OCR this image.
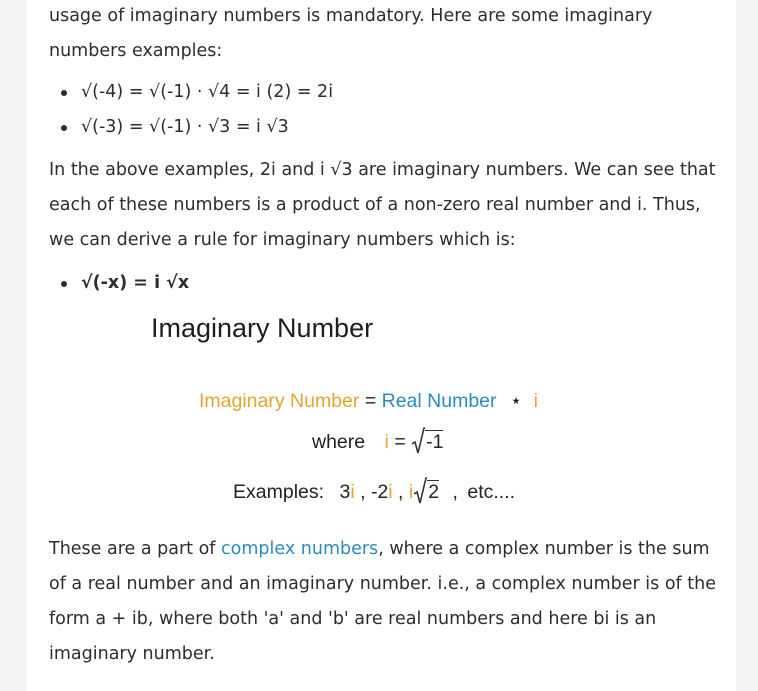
usage of imaginary numbers is mandatory. Here are some imaginary numbers examples:

√(-4) = √(-1) · √4 = i (2) = 2i
√(-3) = √(-1) · √3 = i √3

In the above examples, 2i and i √3 are imaginary numbers. We can see that each of these numbers is a product of a non-zero real number and i. Thus, we can derive a rule for imaginary numbers which is:

√(-x) = i √x
Imaginary Number
Imaginary Number = Real Number ⋆ i
where i = -1
Examples: 3i , -2i , i 2 , etc....

These are a part of complex numbers, where a complex number is the sum of a real number and an imaginary number. i.e., a complex number is of the form a + ib, where both 'a' and 'b' are real numbers and here bi is an imaginary number.
